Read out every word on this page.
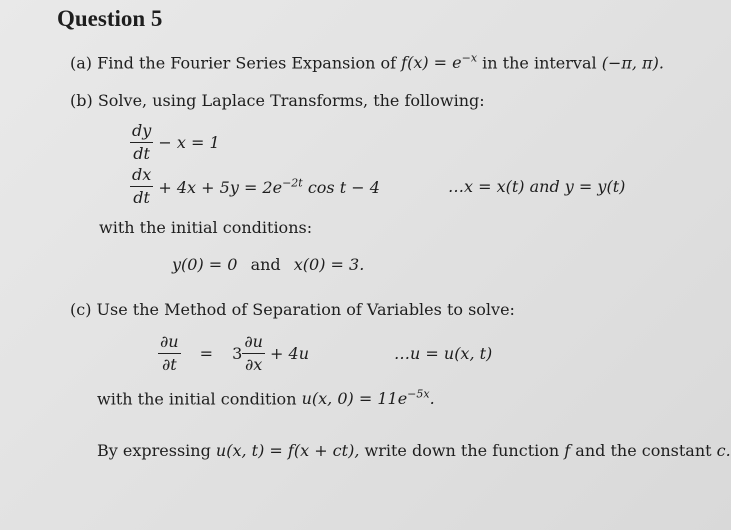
Question 5
(a) Find the Fourier Series Expansion of $f(x) = e^{-x}$ in the interval (−π, π).
(b) Solve, using Laplace Transforms, the following:
$\frac{dy}{dt} - x = 1$
$\frac{dx}{dt} + 4x + 5y = 2e^{-2t}$ cos t − 4	…x = x(t) and y = y(t)
with the initial conditions:
y(0) = 0 and x(0) = 3.
(c) Use the Method of Separation of Variables to solve:
$\frac{\partial u}{\partial t} = 3 \frac{\partial u}{\partial x} + 4u$	…u = u(x, t)
with the initial condition u(x, $0) = 11e^{-5x}$.
By expressing u(x, t) = f(x + ct), write down the function f and the constant c.
